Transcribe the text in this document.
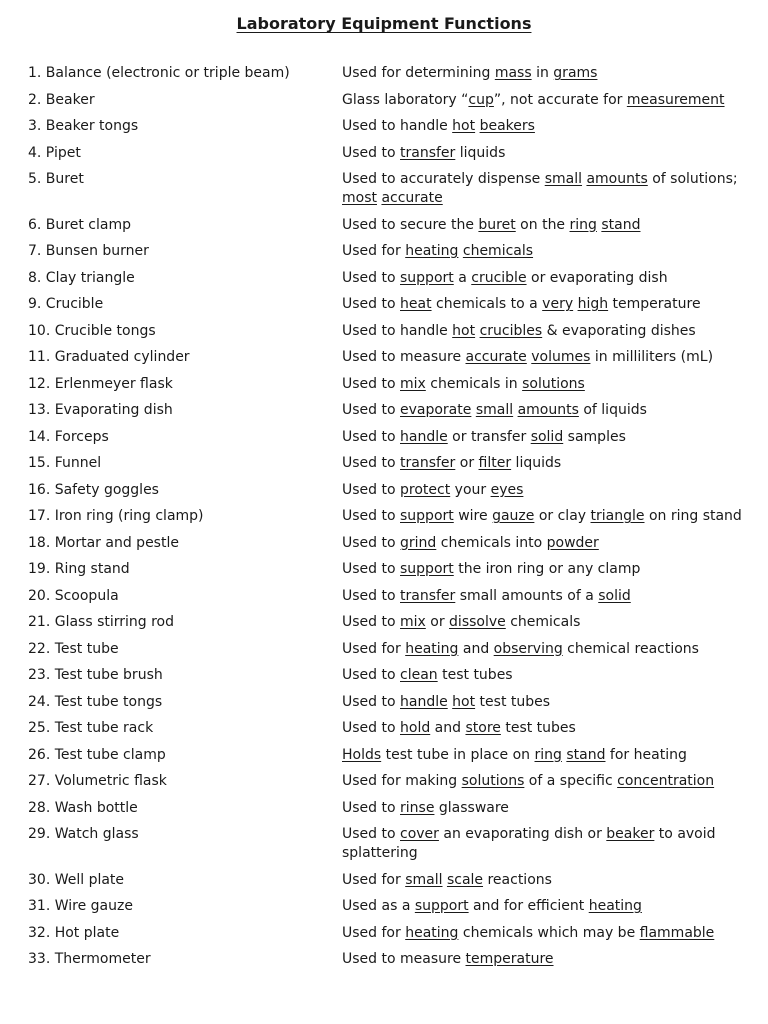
Laboratory Equipment Functions
1. Balance (electronic or triple beam)	Used for determining mass in grams
2. Beaker	Glass laboratory “cup”, not accurate for measurement
3. Beaker tongs	Used to handle hot beakers
4. Pipet	Used to transfer liquids
5. Buret	Used to accurately dispense small amounts of solutions; most accurate
6. Buret clamp	Used to secure the buret on the ring stand
7. Bunsen burner	Used for heating chemicals
8. Clay triangle	Used to support a crucible or evaporating dish
9. Crucible	Used to heat chemicals to a very high temperature
10. Crucible tongs	Used to handle hot crucibles & evaporating dishes
11. Graduated cylinder	Used to measure accurate volumes in milliliters (mL)
12. Erlenmeyer flask	Used to mix chemicals in solutions
13. Evaporating dish	Used to evaporate small amounts of liquids
14. Forceps	Used to handle or transfer solid samples
15. Funnel	Used to transfer or filter liquids
16. Safety goggles	Used to protect your eyes
17. Iron ring (ring clamp)	Used to support wire gauze or clay triangle on ring stand
18. Mortar and pestle	Used to grind chemicals into powder
19. Ring stand	Used to support the iron ring or any clamp
20. Scoopula	Used to transfer small amounts of a solid
21. Glass stirring rod	Used to mix or dissolve chemicals
22. Test tube	Used for heating and observing chemical reactions
23. Test tube brush	Used to clean test tubes
24. Test tube tongs	Used to handle hot test tubes
25. Test tube rack	Used to hold and store test tubes
26. Test tube clamp	Holds test tube in place on ring stand for heating
27. Volumetric flask	Used for making solutions of a specific concentration
28. Wash bottle	Used to rinse glassware
29. Watch glass	Used to cover an evaporating dish or beaker to avoid splattering
30. Well plate	Used for small scale reactions
31. Wire gauze	Used as a support and for efficient heating
32. Hot plate	Used for heating chemicals which may be flammable
33. Thermometer	Used to measure temperature
